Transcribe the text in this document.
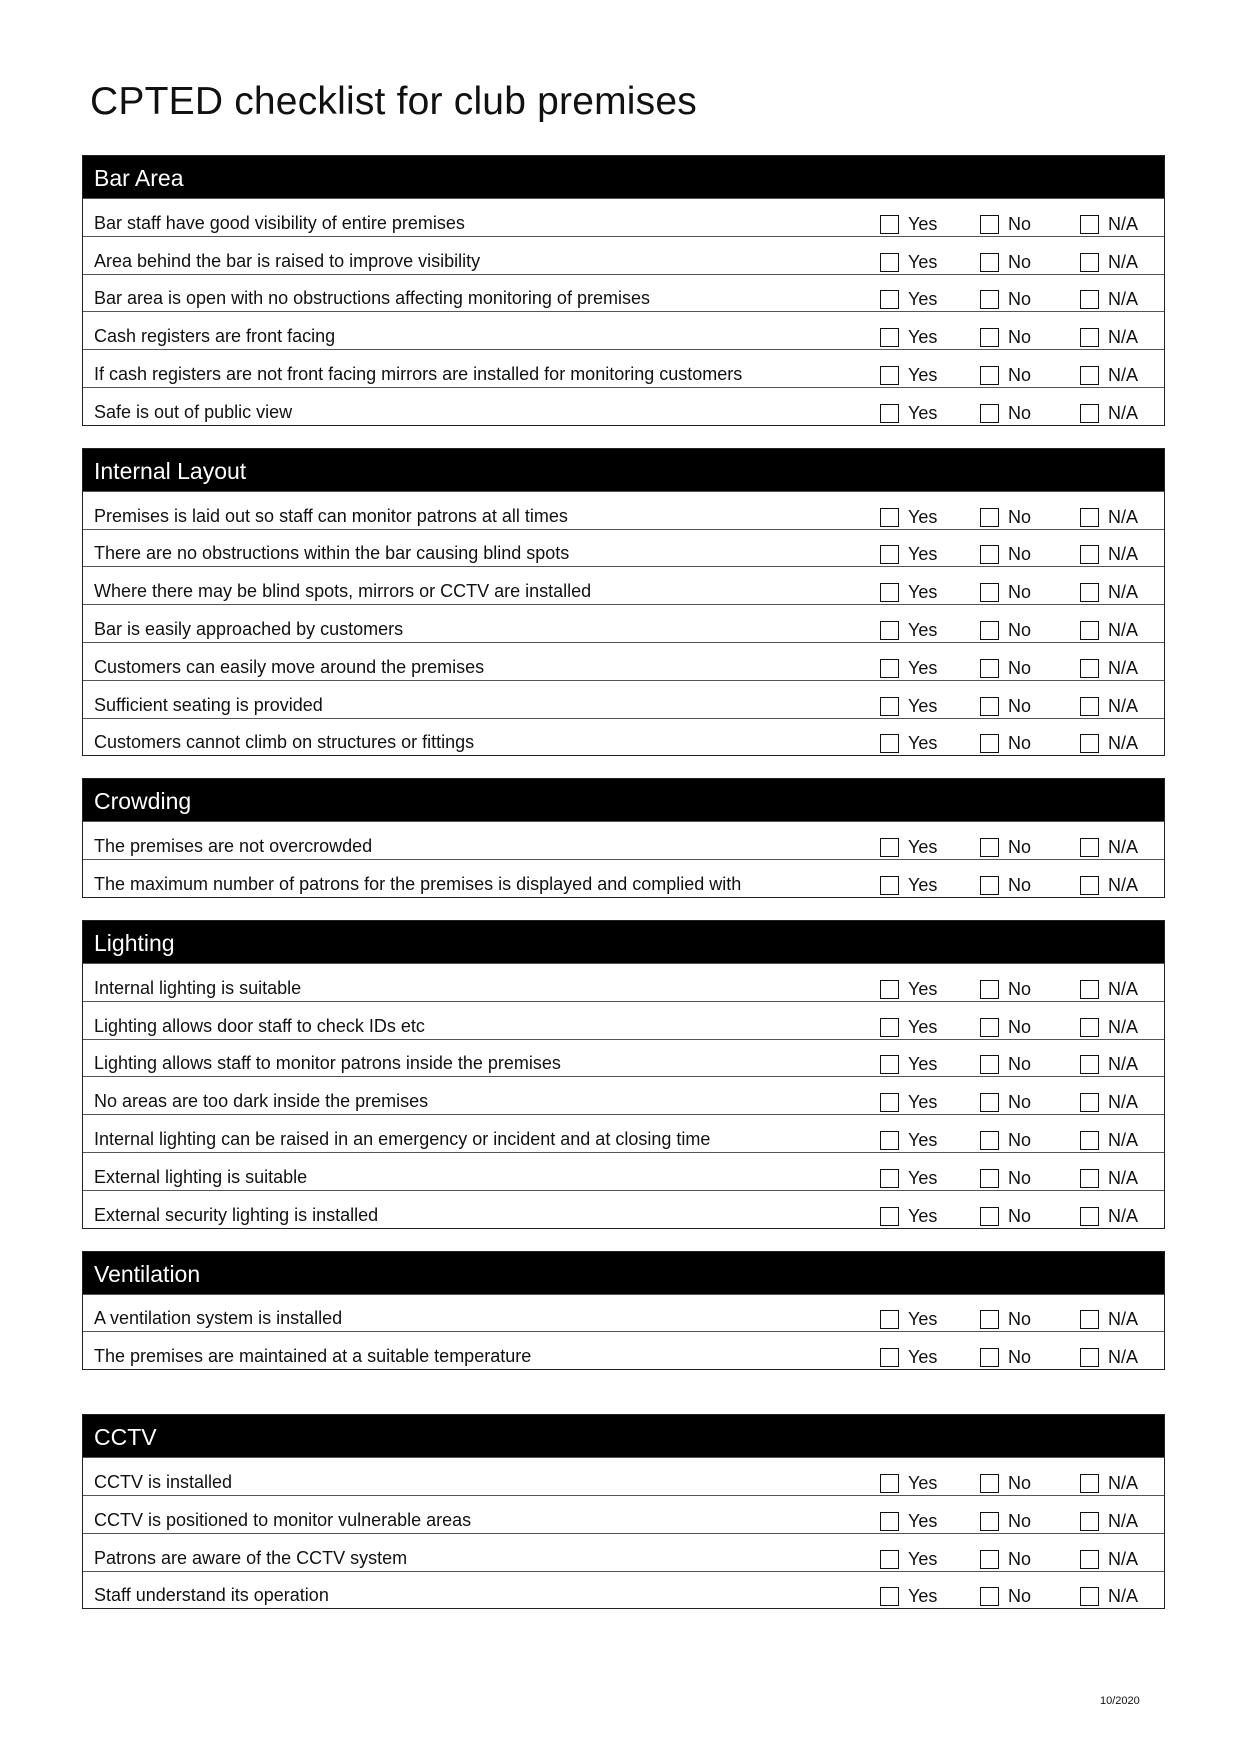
CPTED checklist for club premises
Bar Area
Bar staff have good visibility of entire premises	Yes	No	N/A
Area behind the bar is raised to improve visibility	Yes	No	N/A
Bar area is open with no obstructions affecting monitoring of premises	Yes	No	N/A
Cash registers are front facing	Yes	No	N/A
If cash registers are not front facing mirrors are installed for monitoring customers	Yes	No	N/A
Safe is out of public view	Yes	No	N/A
Internal Layout
Premises is laid out so staff can monitor patrons at all times	Yes	No	N/A
There are no obstructions within the bar causing blind spots	Yes	No	N/A
Where there may be blind spots, mirrors or CCTV are installed	Yes	No	N/A
Bar is easily approached by customers	Yes	No	N/A
Customers can easily move around the premises	Yes	No	N/A
Sufficient seating is provided	Yes	No	N/A
Customers cannot climb on structures or fittings	Yes	No	N/A
Crowding
The premises are not overcrowded	Yes	No	N/A
The maximum number of patrons for the premises is displayed and complied with	Yes	No	N/A
Lighting
Internal lighting is suitable	Yes	No	N/A
Lighting allows door staff to check IDs etc	Yes	No	N/A
Lighting allows staff to monitor patrons inside the premises	Yes	No	N/A
No areas are too dark inside the premises	Yes	No	N/A
Internal lighting can be raised in an emergency or incident and at closing time	Yes	No	N/A
External lighting is suitable	Yes	No	N/A
External security lighting is installed	Yes	No	N/A
Ventilation
A ventilation system is installed	Yes	No	N/A
The premises are maintained at a suitable temperature	Yes	No	N/A
CCTV
CCTV is installed	Yes	No	N/A
CCTV is positioned to monitor vulnerable areas	Yes	No	N/A
Patrons are aware of the CCTV system	Yes	No	N/A
Staff understand its operation	Yes	No	N/A
10/2020
